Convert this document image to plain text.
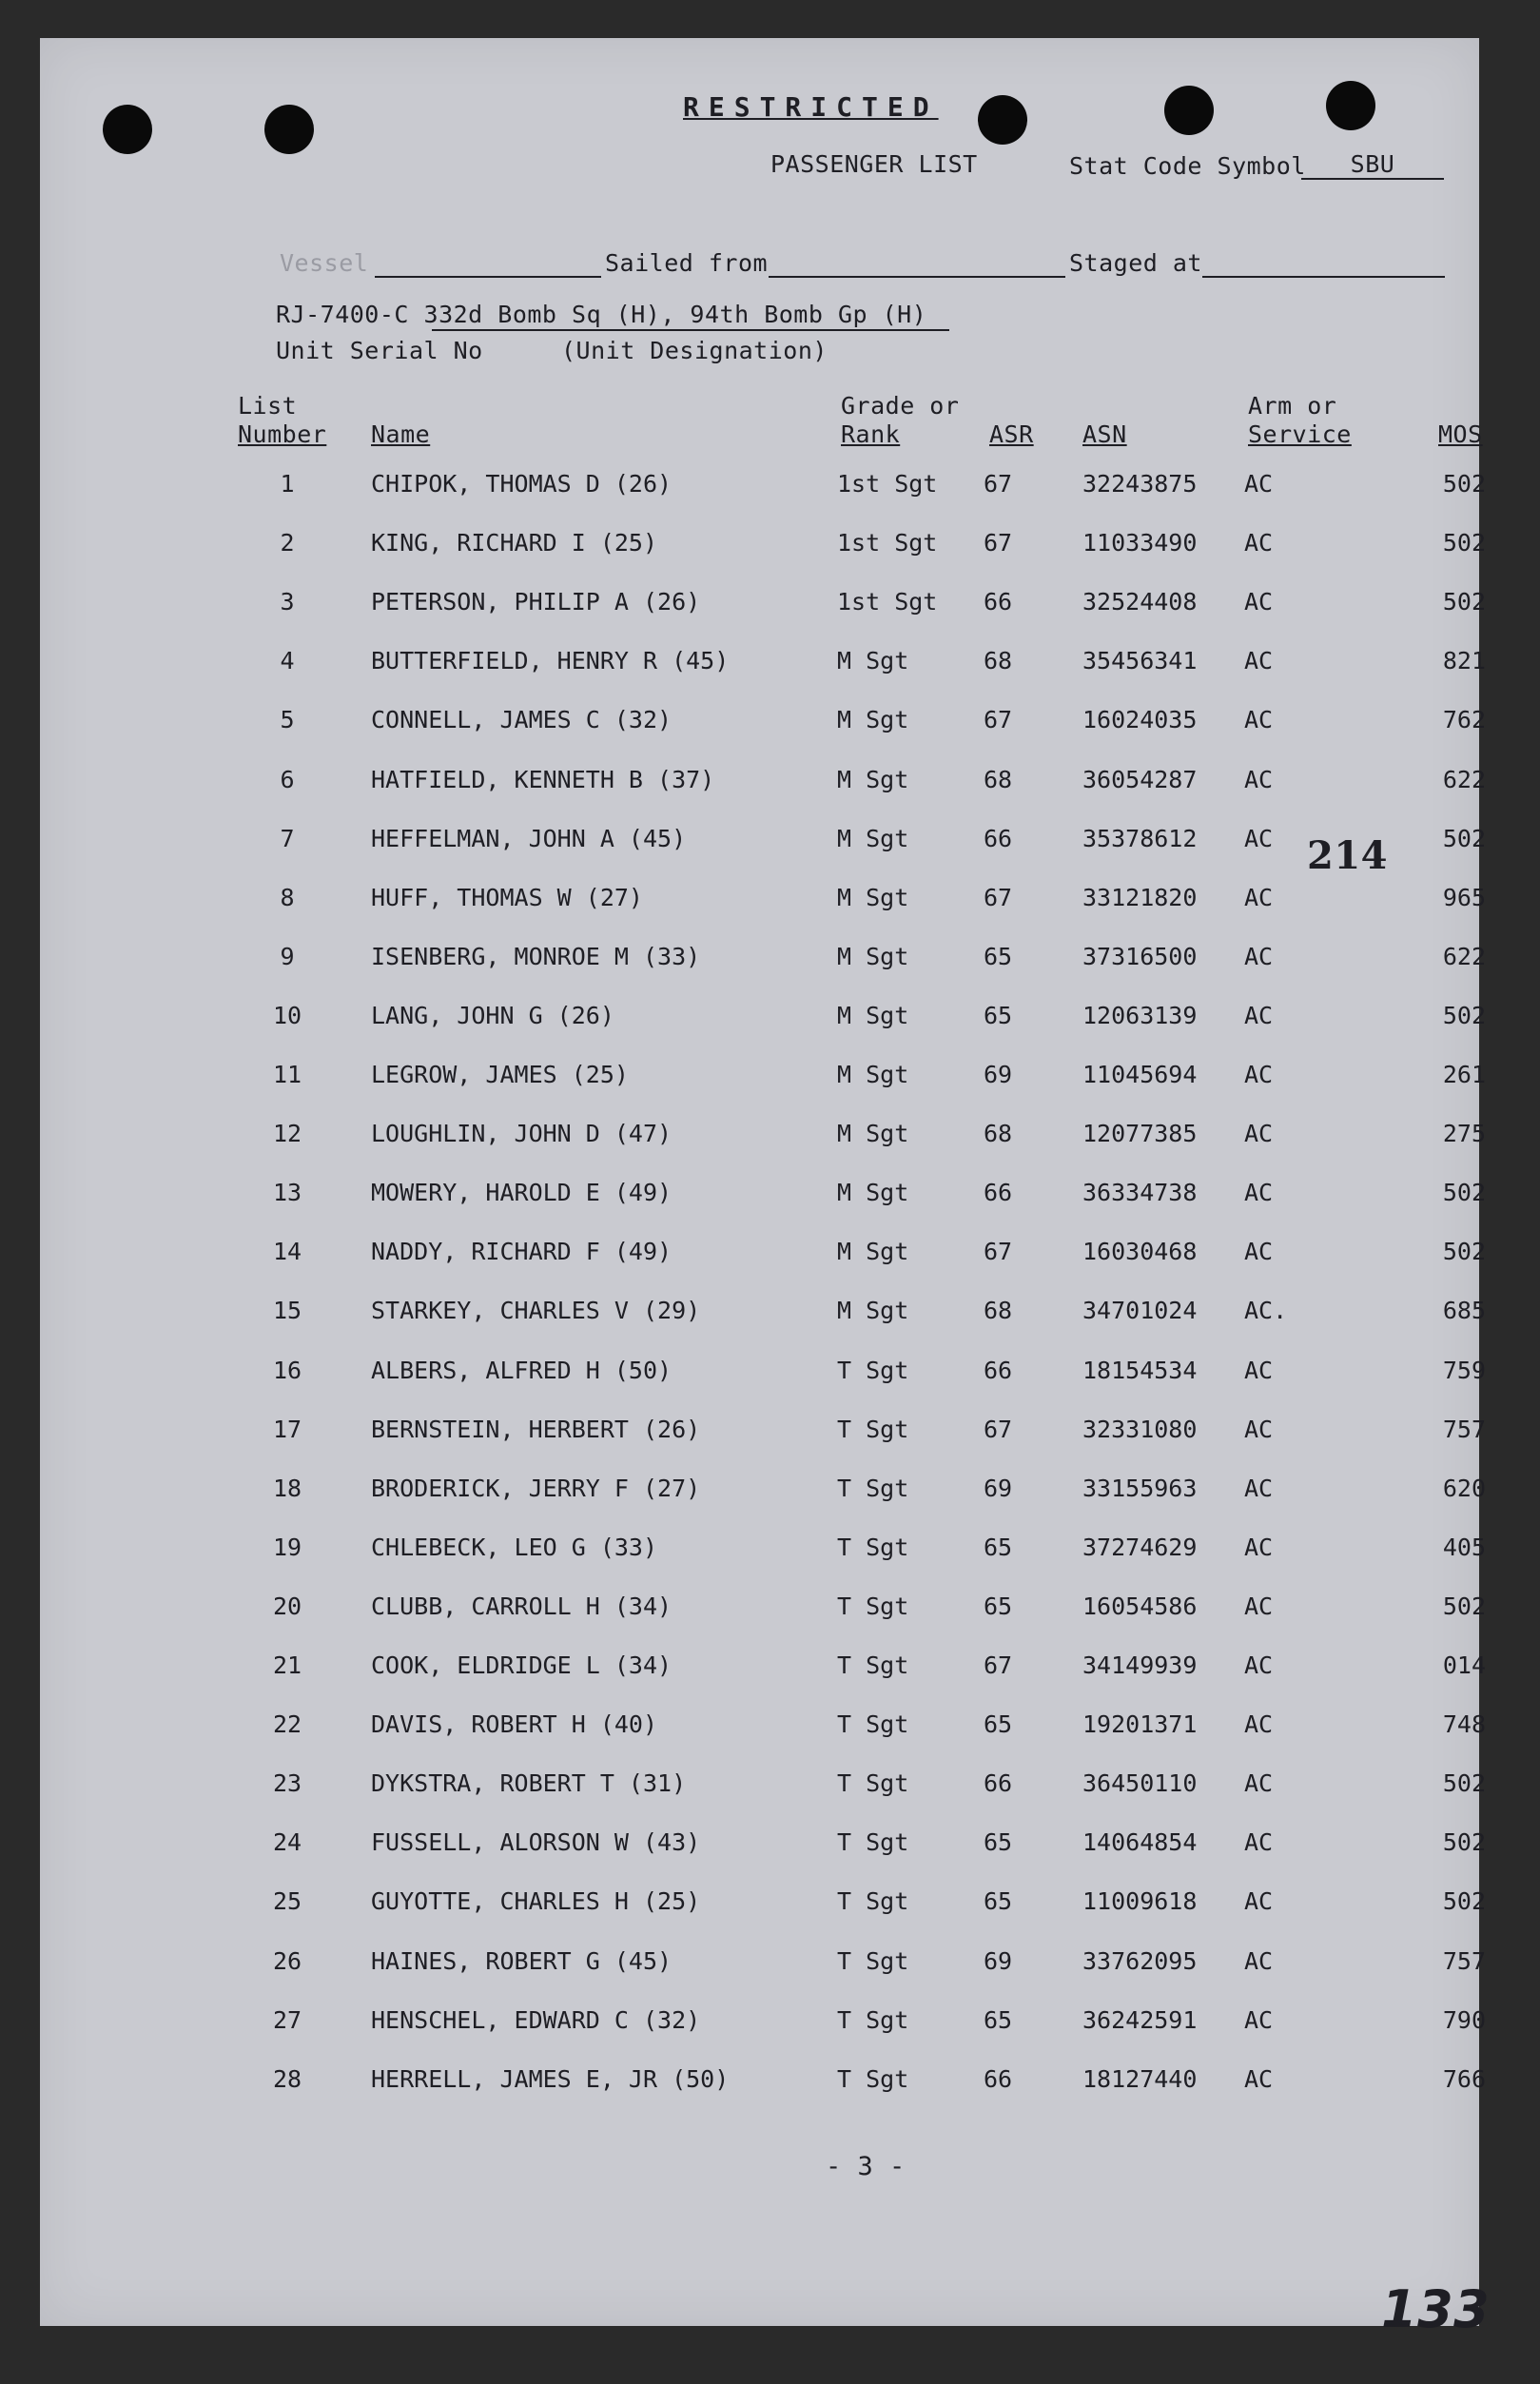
RESTRICTED
PASSENGER LIST	Stat Code Symbol	SBU
Vessel	Sailed from	Staged at
RJ-7400-C 332d Bomb Sq (H), 94th Bomb Gp (H)
Unit Serial No	(Unit Designation)
List
Number Name
Grade or
Rank	ASR ASN
Arm or
Service	MOS
1	CHIPOK, THOMAS D (26)	1st Sgt 67	32243875 AC	502
2	KING, RICHARD I (25)	1st Sgt 67	11033490 AC	502
3	PETERSON, PHILIP A (26)	1st Sgt 66	32524408 AC	502
4	BUTTERFIELD, HENRY R (45)	M Sgt	68	35456341 AC	821
5	CONNELL, JAMES C (32)	M Sgt	67	16024035 AC	762
6	HATFIELD, KENNETH B (37)	M Sgt	68	36054287 AC	622
7	HEFFELMAN, JOHN A (45)	M Sgt	66	35378612 AC	502
8	HUFF, THOMAS W (27)	M Sgt	67	33121820 AC	965
9	ISENBERG, MONROE M (33)	M Sgt	65	37316500 AC	622
10	LANG, JOHN G (26)	M Sgt	65	12063139 AC	502
11	LEGROW, JAMES (25)	M Sgt	69	11045694 AC	261
12	LOUGHLIN, JOHN D (47)	M Sgt	68	12077385 AC	275
13	MOWERY, HAROLD E (49)	M Sgt	66	36334738 AC	502
14	NADDY, RICHARD F (49)	M Sgt	67	16030468 AC	502
15	STARKEY, CHARLES V (29)	M Sgt	68	34701024 AC.	685
16	ALBERS, ALFRED H (50)	T Sgt	66	18154534 AC	759
17	BERNSTEIN, HERBERT (26)	T Sgt	67	32331080 AC	757
18	BRODERICK, JERRY F (27)	T Sgt	69	33155963 AC	620
19	CHLEBECK, LEO G (33)	T Sgt	65	37274629 AC	405
20	CLUBB, CARROLL H (34)	T Sgt	65	16054586 AC	502
21	COOK, ELDRIDGE L (34)	T Sgt	67	34149939 AC	014
22	DAVIS, ROBERT H (40)	T Sgt	65	19201371 AC	748
23	DYKSTRA, ROBERT T (31)	T Sgt	66	36450110 AC	502
24	FUSSELL, ALORSON W (43)	T Sgt	65	14064854 AC	502
25	GUYOTTE, CHARLES H (25)	T Sgt	65	11009618 AC	502
26	HAINES, ROBERT G (45)	T Sgt	69	33762095 AC	757
27	HENSCHEL, EDWARD C (32)	T Sgt	65	36242591 AC	790
28	HERRELL, JAMES E, JR (50)	T Sgt	66	18127440 AC	766
214
- 3 -
133
